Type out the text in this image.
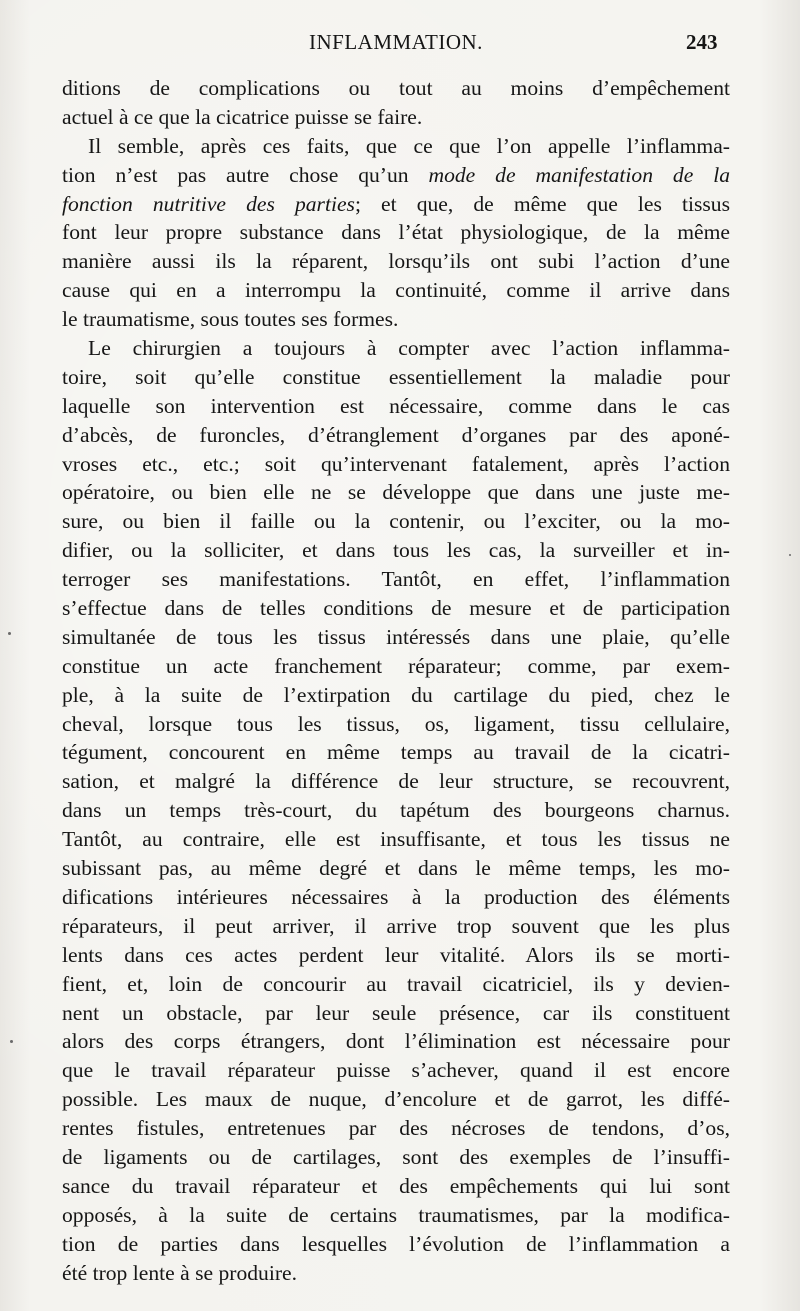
INFLAMMATION.	243
ditions de complications ou tout au moins d’empêchement
actuel à ce que la cicatrice puisse se faire.
Il semble, après ces faits, que ce que l’on appelle l’inflamma-
tion n’est pas autre chose qu’un mode de manifestation de la
fonction nutritive des parties; et que, de même que les tissus
font leur propre substance dans l’état physiologique, de la même
manière aussi ils la réparent, lorsqu’ils ont subi l’action d’une
cause qui en a interrompu la continuité, comme il arrive dans
le traumatisme, sous toutes ses formes.
Le chirurgien a toujours à compter avec l’action inflamma-
toire, soit qu’elle constitue essentiellement la maladie pour
laquelle son intervention est nécessaire, comme dans le cas
d’abcès, de furoncles, d’étranglement d’organes par des aponé-
vroses etc., etc.; soit qu’intervenant fatalement, après l’action
opératoire, ou bien elle ne se développe que dans une juste me-
sure, ou bien il faille ou la contenir, ou l’exciter, ou la mo-
difier, ou la solliciter, et dans tous les cas, la surveiller et in-
terroger ses manifestations. Tantôt, en effet, l’inflammation
s’effectue dans de telles conditions de mesure et de participation
simultanée de tous les tissus intéressés dans une plaie, qu’elle
constitue un acte franchement réparateur; comme, par exem-
ple, à la suite de l’extirpation du cartilage du pied, chez le
cheval, lorsque tous les tissus, os, ligament, tissu cellulaire,
tégument, concourent en même temps au travail de la cicatri-
sation, et malgré la différence de leur structure, se recouvrent,
dans un temps très-court, du tapétum des bourgeons charnus.
Tantôt, au contraire, elle est insuffisante, et tous les tissus ne
subissant pas, au même degré et dans le même temps, les mo-
difications intérieures nécessaires à la production des éléments
réparateurs, il peut arriver, il arrive trop souvent que les plus
lents dans ces actes perdent leur vitalité. Alors ils se morti-
fient, et, loin de concourir au travail cicatriciel, ils y devien-
nent un obstacle, par leur seule présence, car ils constituent
alors des corps étrangers, dont l’élimination est nécessaire pour
que le travail réparateur puisse s’achever, quand il est encore
possible. Les maux de nuque, d’encolure et de garrot, les diffé-
rentes fistules, entretenues par des nécroses de tendons, d’os,
de ligaments ou de cartilages, sont des exemples de l’insuffi-
sance du travail réparateur et des empêchements qui lui sont
opposés, à la suite de certains traumatismes, par la modifica-
tion de parties dans lesquelles l’évolution de l’inflammation a
été trop lente à se produire.
